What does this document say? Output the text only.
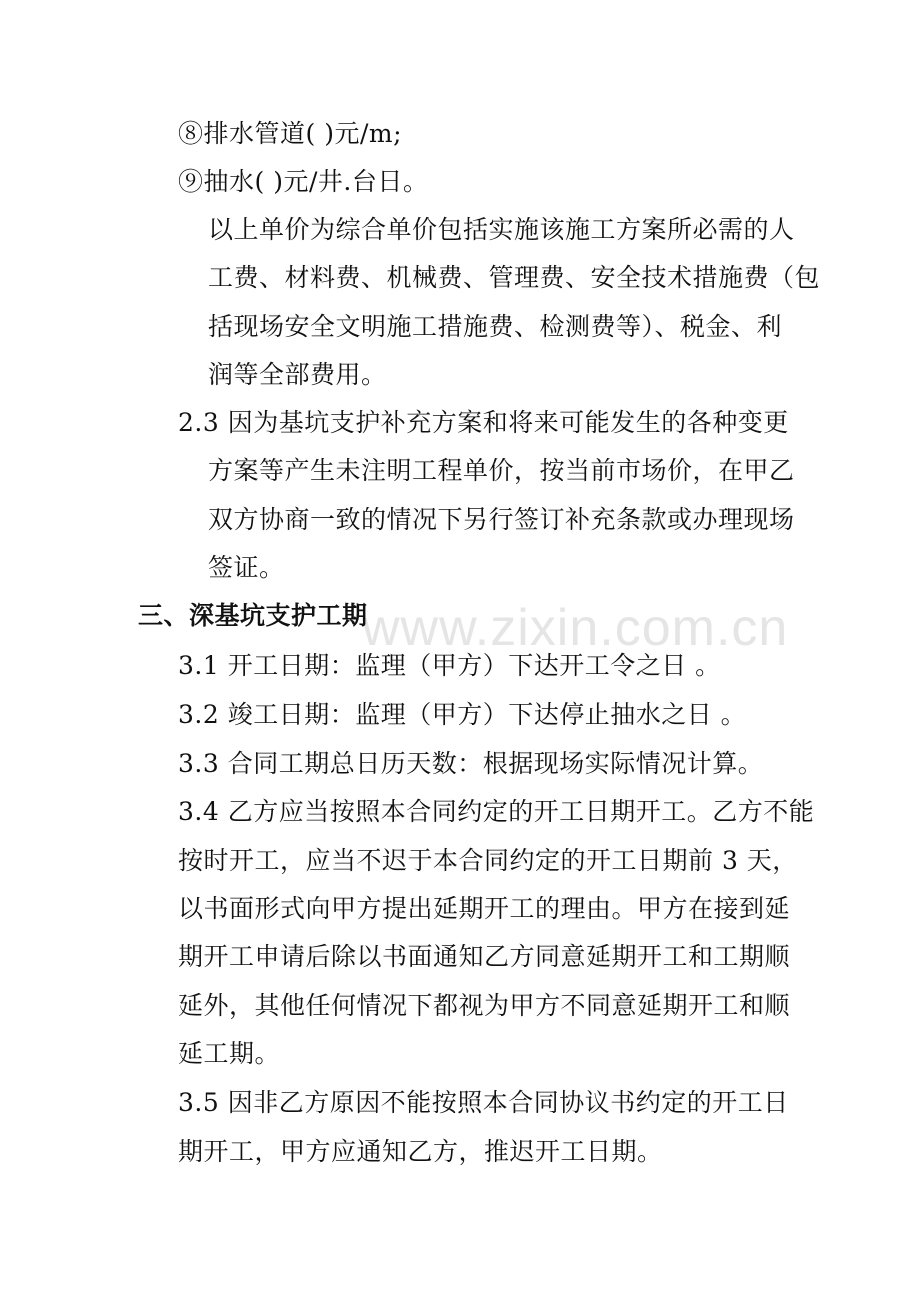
www.zixin.com.cn
⑧排水管道( )元/m;
⑨抽水( )元/井.台日。
以上单价为综合单价包括实施该施工方案所必需的人
工费、材料费、机械费、管理费、安全技术措施费（包
括现场安全文明施工措施费、检测费等）、税金、利
润等全部费用。
2.3 因为基坑支护补充方案和将来可能发生的各种变更
方案等产生未注明工程单价，按当前市场价，在甲乙
双方协商一致的情况下另行签订补充条款或办理现场
签证。
三、深基坑支护工期
3.1 开工日期：监理（甲方）下达开工令之日 。
3.2 竣工日期：监理（甲方）下达停止抽水之日 。
3.3 合同工期总日历天数：根据现场实际情况计算。
3.4 乙方应当按照本合同约定的开工日期开工。乙方不能
按时开工，应当不迟于本合同约定的开工日期前 3 天，
以书面形式向甲方提出延期开工的理由。甲方在接到延
期开工申请后除以书面通知乙方同意延期开工和工期顺
延外，其他任何情况下都视为甲方不同意延期开工和顺
延工期。
3.5 因非乙方原因不能按照本合同协议书约定的开工日
期开工，甲方应通知乙方，推迟开工日期。
